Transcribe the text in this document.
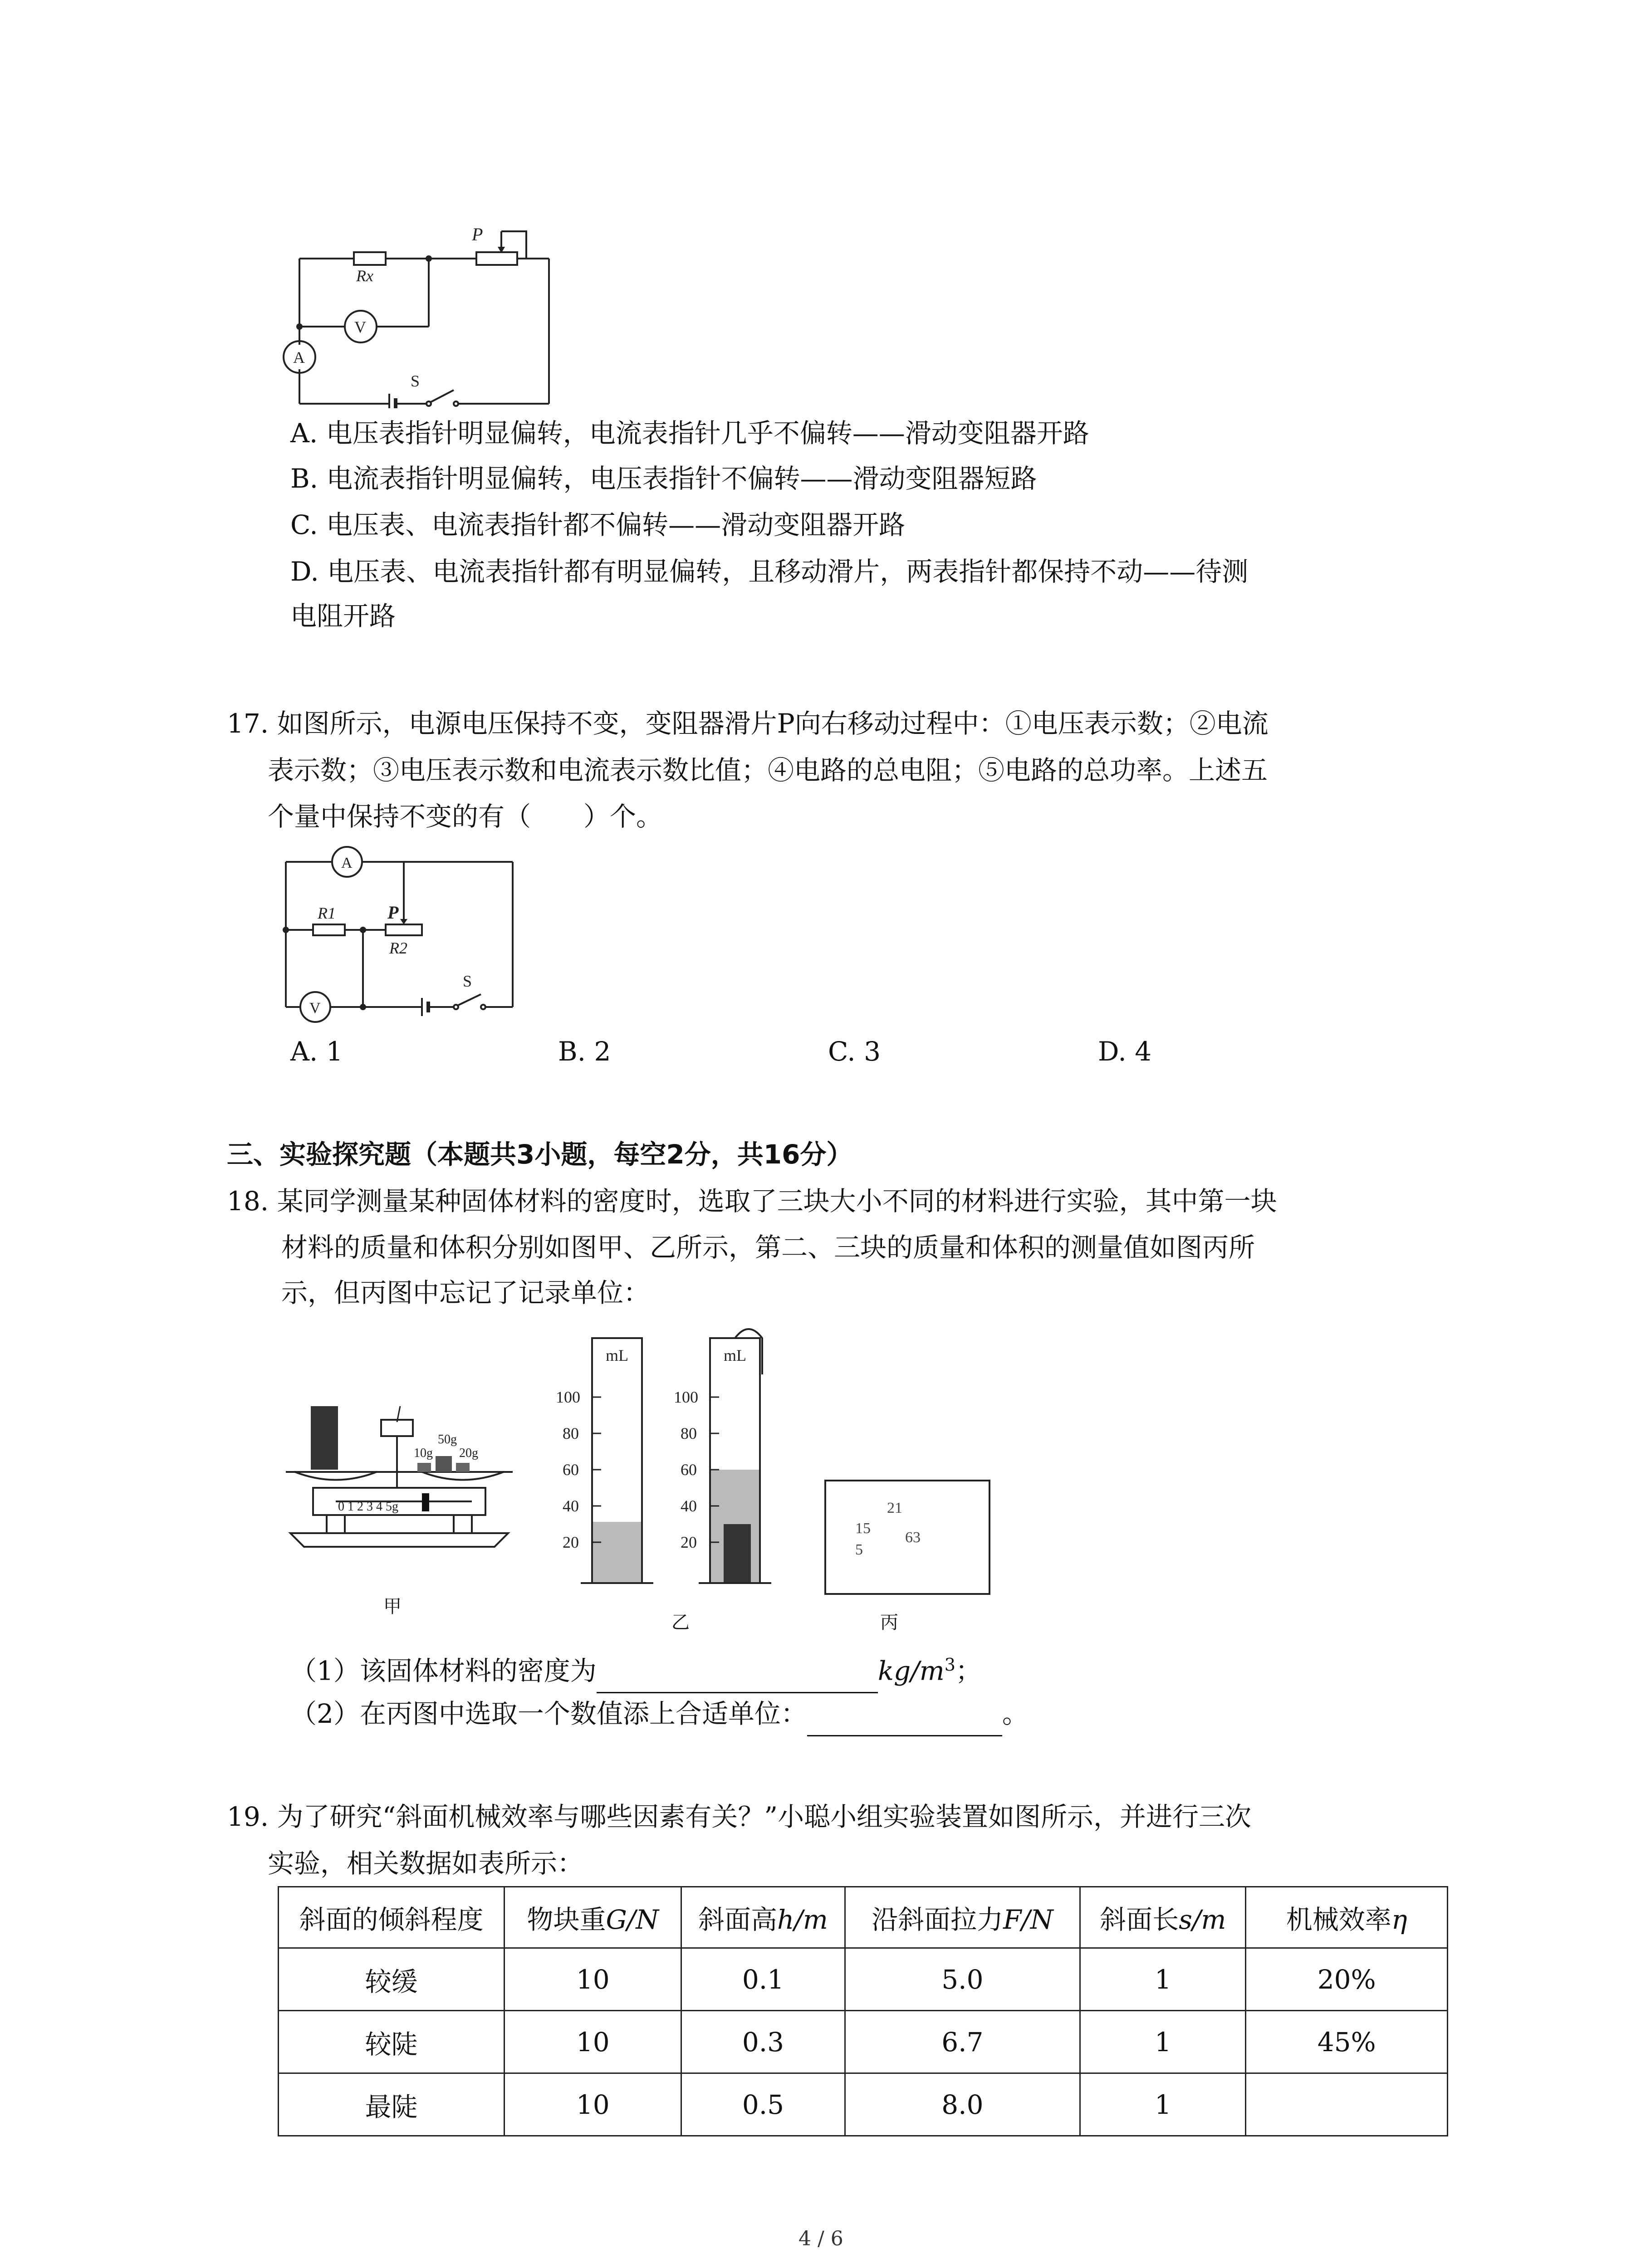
P
Rx
V
A
S
A. 电压表指针明显偏转，电流表指针几乎不偏转——滑动变阻器开路
B. 电流表指针明显偏转，电压表指针不偏转——滑动变阻器短路
C. 电压表、电流表指针都不偏转——滑动变阻器开路
D. 电压表、电流表指针都有明显偏转，且移动滑片，两表指针都保持不动——待测
电阻开路
17. 如图所示，电源电压保持不变，变阻器滑片P向右移动过程中：①电压表示数；②电流
表示数；③电压表示数和电流表示数比值；④电路的总电阻；⑤电路的总功率。上述五
个量中保持不变的有（　　）个。
A
R1	P
R2
V
S
A. 1	B. 2	C. 3	D. 4
三、实验探究题（本题共3小题，每空2分，共16分）
18. 某同学测量某种固体材料的密度时，选取了三块大小不同的材料进行实验，其中第一块
材料的质量和体积分别如图甲、乙所示，第二、三块的质量和体积的测量值如图丙所
示，但丙图中忘记了记录单位：
10g
50g
20g
0 1 2 3 4 5g
甲
mL
100
80
60
40
20
mL
100
80
60
40
20
乙
21
15
63
5
丙
（1）该固体材料的密度为	$kg/m^3$；
（2）在丙图中选取一个数值添上合适单位：	。
19. 为了研究“斜面机械效率与哪些因素有关？”小聪小组实验装置如图所示，并进行三次
实验，相关数据如表所示：
斜面的倾斜程度	物块重G/N	斜面高h/m	沿斜面拉力F/N	斜面长s/m	机械效率η
较缓	10	0.1	5.0	1	20%
较陡	10	0.3	6.7	1	45%
最陡	10	0.5	8.0	1	
4 / 6
